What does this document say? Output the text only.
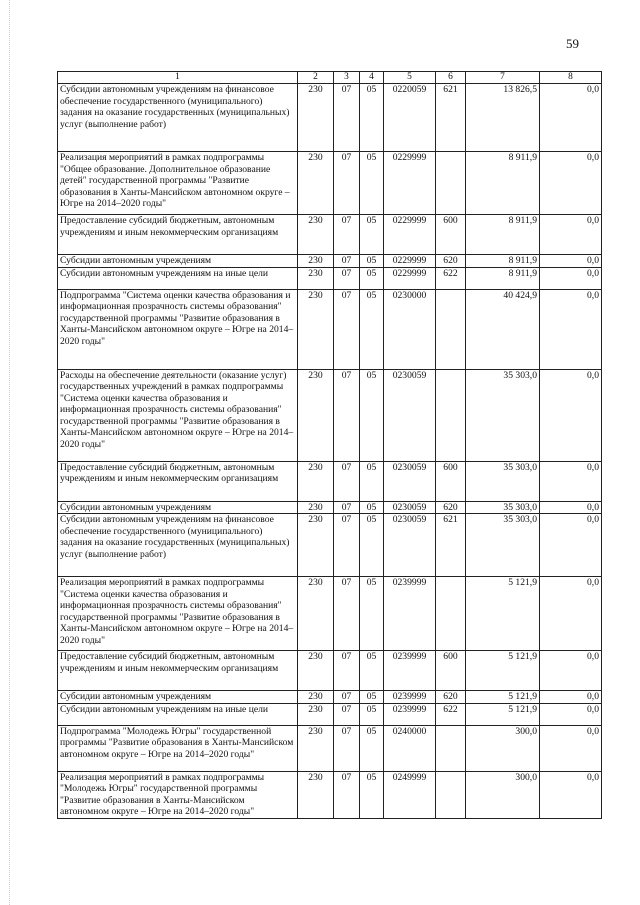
59
1	2	3	4	5	6	7	8
Субсидии автономным учреждениям на финансовое обеспечение государственного (муниципального) задания на оказание государственных (муниципальных) услуг (выполнение работ)	230	07	05	0220059	621	13 826,5	0,0
Реализация мероприятий в рамках подпрограммы "Общее образование. Дополнительное образование детей" государственной программы "Развитие образования в Ханты-Мансийском автономном округе – Югре на 2014–2020 годы"	230	07	05	0229999		8 911,9	0,0
Предоставление субсидий бюджетным, автономным учреждениям и иным некоммерческим организациям	230	07	05	0229999	600	8 911,9	0,0
Субсидии автономным учреждениям	230	07	05	0229999	620	8 911,9	0,0
Субсидии автономным учреждениям на иные цели	230	07	05	0229999	622	8 911,9	0,0
Подпрограмма "Система оценки качества образования и информационная прозрачность системы образования" государственной программы "Развитие образования в Ханты-Мансийском автономном округе – Югре на 2014–2020 годы"	230	07	05	0230000		40 424,9	0,0
Расходы на обеспечение деятельности (оказание услуг) государственных учреждений в рамках подпрограммы "Система оценки качества образования и информационная прозрачность системы образования" государственной программы "Развитие образования в Ханты-Мансийском автономном округе – Югре на 2014–2020 годы"	230	07	05	0230059		35 303,0	0,0
Предоставление субсидий бюджетным, автономным учреждениям и иным некоммерческим организациям	230	07	05	0230059	600	35 303,0	0,0
Субсидии автономным учреждениям	230	07	05	0230059	620	35 303,0	0,0
Субсидии автономным учреждениям на финансовое обеспечение государственного (муниципального) задания на оказание государственных (муниципальных) услуг (выполнение работ)	230	07	05	0230059	621	35 303,0	0,0
Реализация мероприятий в рамках подпрограммы "Система оценки качества образования и информационная прозрачность системы образования" государственной программы "Развитие образования в Ханты-Мансийском автономном округе – Югре на 2014–2020 годы"	230	07	05	0239999		5 121,9	0,0
Предоставление субсидий бюджетным, автономным учреждениям и иным некоммерческим организациям	230	07	05	0239999	600	5 121,9	0,0
Субсидии автономным учреждениям	230	07	05	0239999	620	5 121,9	0,0
Субсидии автономным учреждениям на иные цели	230	07	05	0239999	622	5 121,9	0,0
Подпрограмма "Молодежь Югры" государственной программы "Развитие образования в Ханты-Мансийском автономном округе – Югре на 2014–2020 годы"	230	07	05	0240000		300,0	0,0
Реализация мероприятий в рамках подпрограммы "Молодежь Югры" государственной программы "Развитие образования в Ханты-Мансийском автономном округе – Югре на 2014–2020 годы"	230	07	05	0249999		300,0	0,0
